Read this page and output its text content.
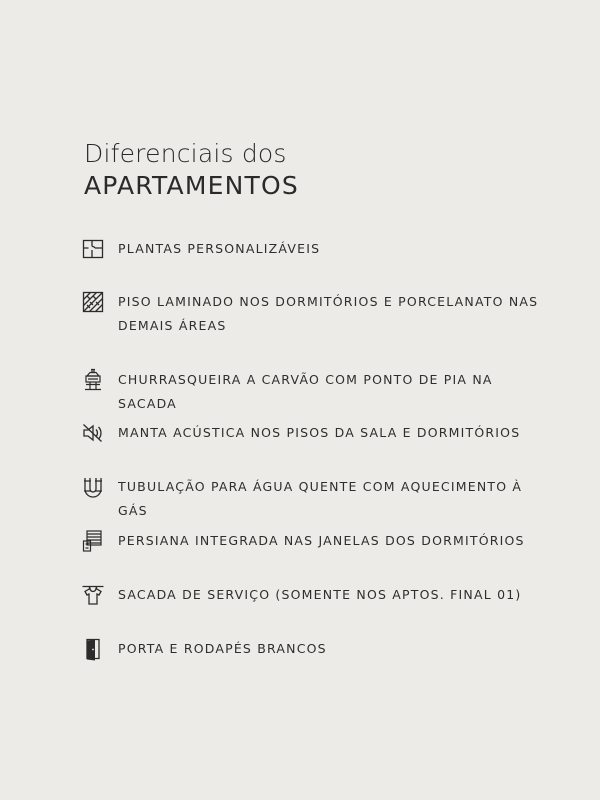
Diferenciais dos
APARTAMENTOS
PLANTAS PERSONALIZÁVEIS
PISO LAMINADO NOS DORMITÓRIOS E PORCELANATO NAS DEMAIS ÁREAS
CHURRASQUEIRA A CARVÃO COM PONTO DE PIA NA SACADA
MANTA ACÚSTICA NOS PISOS DA SALA E DORMITÓRIOS
TUBULAÇÃO PARA ÁGUA QUENTE COM AQUECIMENTO À GÁS
PERSIANA INTEGRADA NAS JANELAS DOS DORMITÓRIOS
SACADA DE SERVIÇO (SOMENTE NOS APTOS. FINAL 01)
PORTA E RODAPÉS BRANCOS
